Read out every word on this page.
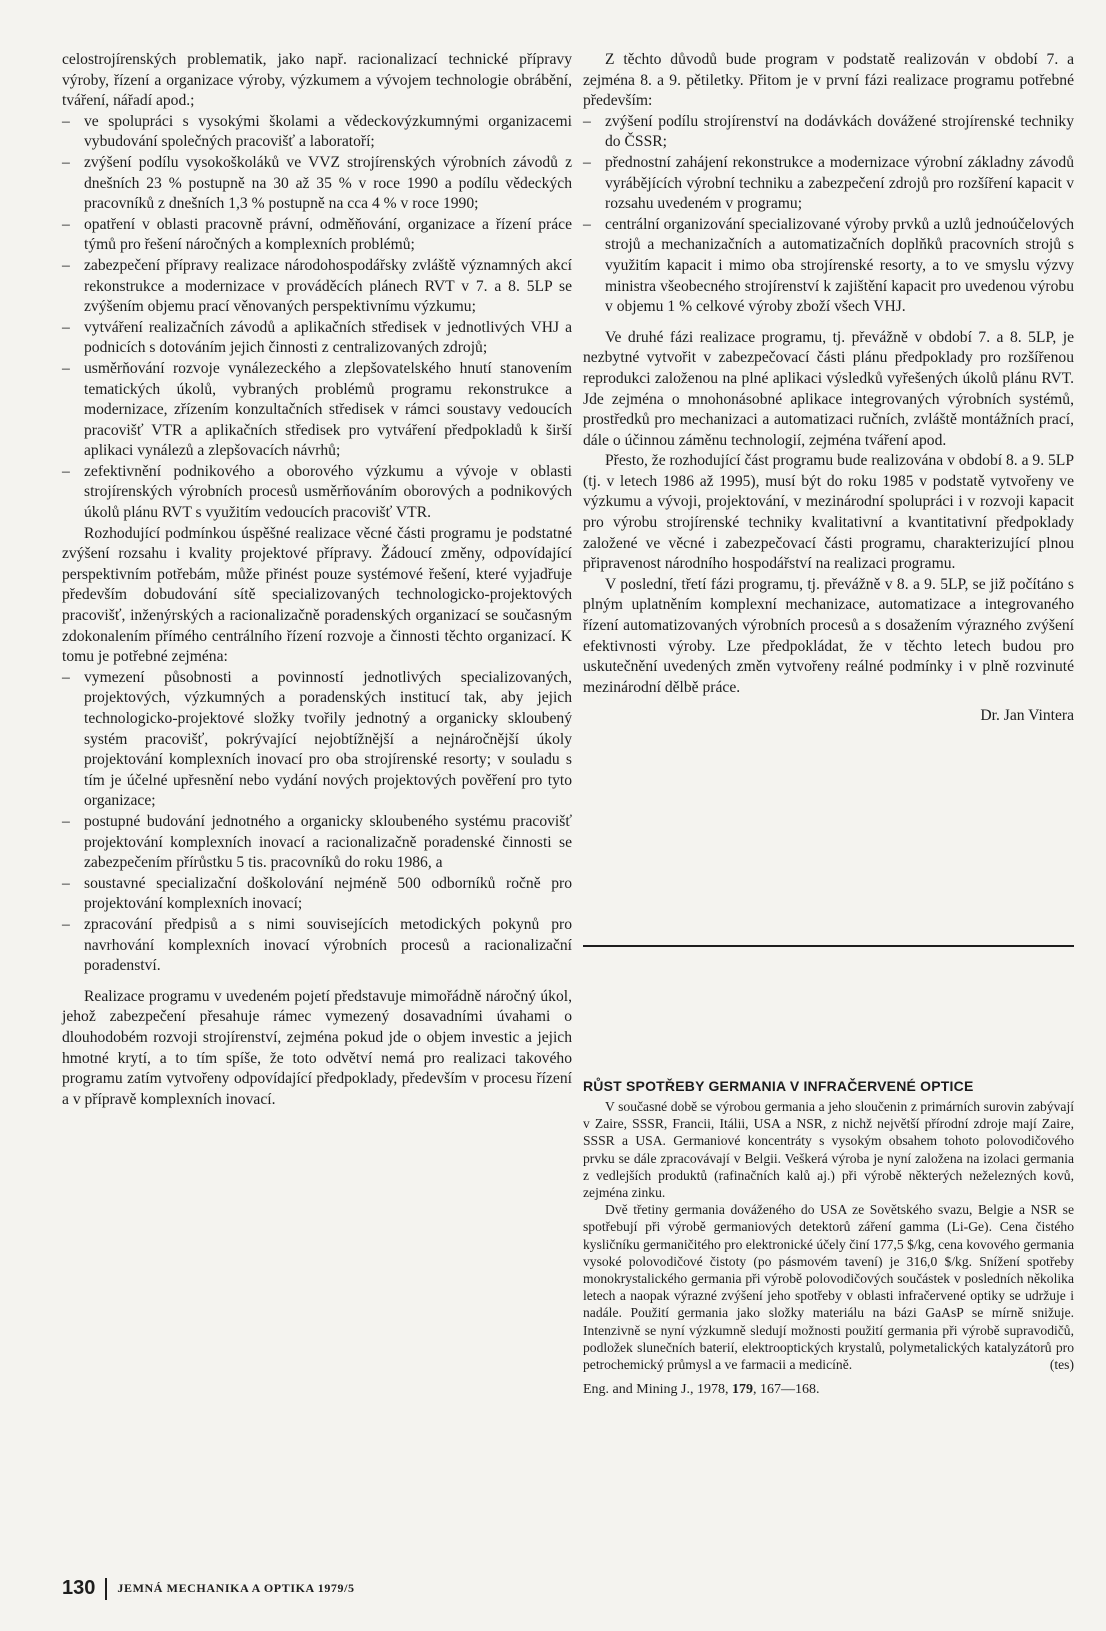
celostrojírenských problematik, jako např. racionalizací technické přípravy výroby, řízení a organizace výroby, výzkumem a vývojem technologie obrábění, tváření, nářadí apod.;

– ve spolupráci s vysokými školami a vědeckovýzkumnými organizacemi vybudování společných pracovišť a laboratoří;
– zvýšení podílu vysokoškoláků ve VVZ strojírenských výrobních závodů z dnešních 23 % postupně na 30 až 35 % v roce 1990 a podílu vědeckých pracovníků z dnešních 1,3 % postupně na cca 4 % v roce 1990;
– opatření v oblasti pracovně právní, odměňování, organizace a řízení práce týmů pro řešení náročných a komplexních problémů;
– zabezpečení přípravy realizace národohospodářsky zvláště významných akcí rekonstrukce a modernizace v prováděcích plánech RVT v 7. a 8. 5LP se zvýšením objemu prací věnovaných perspektivnímu výzkumu;
– vytváření realizačních závodů a aplikačních středisek v jednotlivých VHJ a podnicích s dotováním jejich činnosti z centralizovaných zdrojů;
– usměrňování rozvoje vynálezeckého a zlepšovatelského hnutí stanovením tematických úkolů, vybraných problémů programu rekonstrukce a modernizace, zřízením konzultačních středisek v rámci soustavy vedoucích pracovišť VTR a aplikačních středisek pro vytváření předpokladů k širší aplikaci vynálezů a zlepšovacích návrhů;
– zefektivnění podnikového a oborového výzkumu a vývoje v oblasti strojírenských výrobních procesů usměrňováním oborových a podnikových úkolů plánu RVT s využitím vedoucích pracovišť VTR.

Rozhodující podmínkou úspěšné realizace věcné části programu je podstatné zvýšení rozsahu i kvality projektové přípravy. Žádoucí změny, odpovídající perspektivním potřebám, může přinést pouze systémové řešení, které vyjadřuje především dobudování sítě specializovaných technologicko-projektových pracovišť, inženýrských a racionalizačně poradenských organizací se současným zdokonalením přímého centrálního řízení rozvoje a činnosti těchto organizací. K tomu je potřebné zejména:

– vymezení působnosti a povinností jednotlivých specializovaných, projektových, výzkumných a poradenských institucí tak, aby jejich technologicko-projektové složky tvořily jednotný a organicky skloubený systém pracovišť, pokrývající nejobtížnější a nejnáročnější úkoly projektování komplexních inovací pro oba strojírenské resorty; v souladu s tím je účelné upřesnění nebo vydání nových projektových pověření pro tyto organizace;
– postupné budování jednotného a organicky skloubeného systému pracovišť projektování komplexních inovací a racionalizačně poradenské činnosti se zabezpečením přírůstku 5 tis. pracovníků do roku 1986, a
– soustavné specializační doškolování nejméně 500 odborníků ročně pro projektování komplexních inovací;
– zpracování předpisů a s nimi souvisejících metodických pokynů pro navrhování komplexních inovací výrobních procesů a racionalizační poradenství.

Realizace programu v uvedeném pojetí představuje mimořádně náročný úkol, jehož zabezpečení přesahuje rámec vymezený dosavadními úvahami o dlouhodobém rozvoji strojírenství, zejména pokud jde o objem investic a jejich hmotné krytí, a to tím spíše, že toto odvětví nemá pro realizaci takového programu zatím vytvořeny odpovídající předpoklady, především v procesu řízení a v přípravě komplexních inovací.

Z těchto důvodů bude program v podstatě realizován v období 7. a zejména 8. a 9. pětiletky. Přitom je v první fázi realizace programu potřebné především:

– zvýšení podílu strojírenství na dodávkách dovážené strojírenské techniky do ČSSR;
– přednostní zahájení rekonstrukce a modernizace výrobní základny závodů vyrábějících výrobní techniku a zabezpečení zdrojů pro rozšíření kapacit v rozsahu uvedeném v programu;
– centrální organizování specializované výroby prvků a uzlů jednoúčelových strojů a mechanizačních a automatizačních doplňků pracovních strojů s využitím kapacit i mimo oba strojírenské resorty, a to ve smyslu výzvy ministra všeobecného strojírenství k zajištění kapacit pro uvedenou výrobu v objemu 1 % celkové výroby zboží všech VHJ.

Ve druhé fázi realizace programu, tj. převážně v období 7. a 8. 5LP, je nezbytné vytvořit v zabezpečovací části plánu předpoklady pro rozšířenou reprodukci založenou na plné aplikaci výsledků vyřešených úkolů plánu RVT. Jde zejména o mnohonásobné aplikace integrovaných výrobních systémů, prostředků pro mechanizaci a automatizaci ručních, zvláště montážních prací, dále o účinnou záměnu technologií, zejména tváření apod.

Přesto, že rozhodující část programu bude realizována v období 8. a 9. 5LP (tj. v letech 1986 až 1995), musí být do roku 1985 v podstatě vytvořeny ve výzkumu a vývoji, projektování, v mezinárodní spolupráci i v rozvoji kapacit pro výrobu strojírenské techniky kvalitativní a kvantitativní předpoklady založené ve věcné i zabezpečovací části programu, charakterizující plnou připravenost národního hospodářství na realizaci programu.

V poslední, třetí fázi programu, tj. převážně v 8. a 9. 5LP, se již počítáno s plným uplatněním komplexní mechanizace, automatizace a integrovaného řízení automatizovaných výrobních procesů a s dosažením výrazného zvýšení efektivnosti výroby. Lze předpokládat, že v těchto letech budou pro uskutečnění uvedených změn vytvořeny reálné podmínky i v plně rozvinuté mezinárodní dělbě práce.

Dr. Jan Vintera

RŮST SPOTŘEBY GERMANIA V INFRAČERVENÉ OPTICE

V současné době se výrobou germania a jeho sloučenin z primárních surovin zabývají v Zaire, SSSR, Francii, Itálii, USA a NSR, z nichž největší přírodní zdroje mají Zaire, SSSR a USA. Germaniové koncentráty s vysokým obsahem tohoto polovodičového prvku se dále zpracovávají v Belgii. Veškerá výroba je nyní založena na izolaci germania z vedlejších produktů (rafinačních kalů aj.) při výrobě některých neželezných kovů, zejména zinku.

Dvě třetiny germania dováženého do USA ze Sovětského svazu, Belgie a NSR se spotřebují při výrobě germaniových detektorů záření gamma (Li-Ge). Cena čistého kysličníku germaničitého pro elektronické účely činí 177,5 $/kg, cena kovového germania vysoké polovodičové čistoty (po pásmovém tavení) je 316,0 $/kg. Snížení spotřeby monokrystalického germania při výrobě polovodičových součástek v posledních několika letech a naopak výrazné zvýšení jeho spotřeby v oblasti infračervené optiky se udržuje i nadále. Použití germania jako složky materiálu na bázi GaAsP se mírně snižuje. Intenzivně se nyní výzkumně sledují možnosti použití germania při výrobě supravodičů, podložek slunečních baterií, elektrooptických krystalů, polymetalických katalyzátorů pro petrochemický průmysl a ve farmacii a medicíně.	(tes)

Eng. and Mining J., 1978, 179, 167—168.

130 JEMNÁ MECHANIKA A OPTIKA 1979/5
